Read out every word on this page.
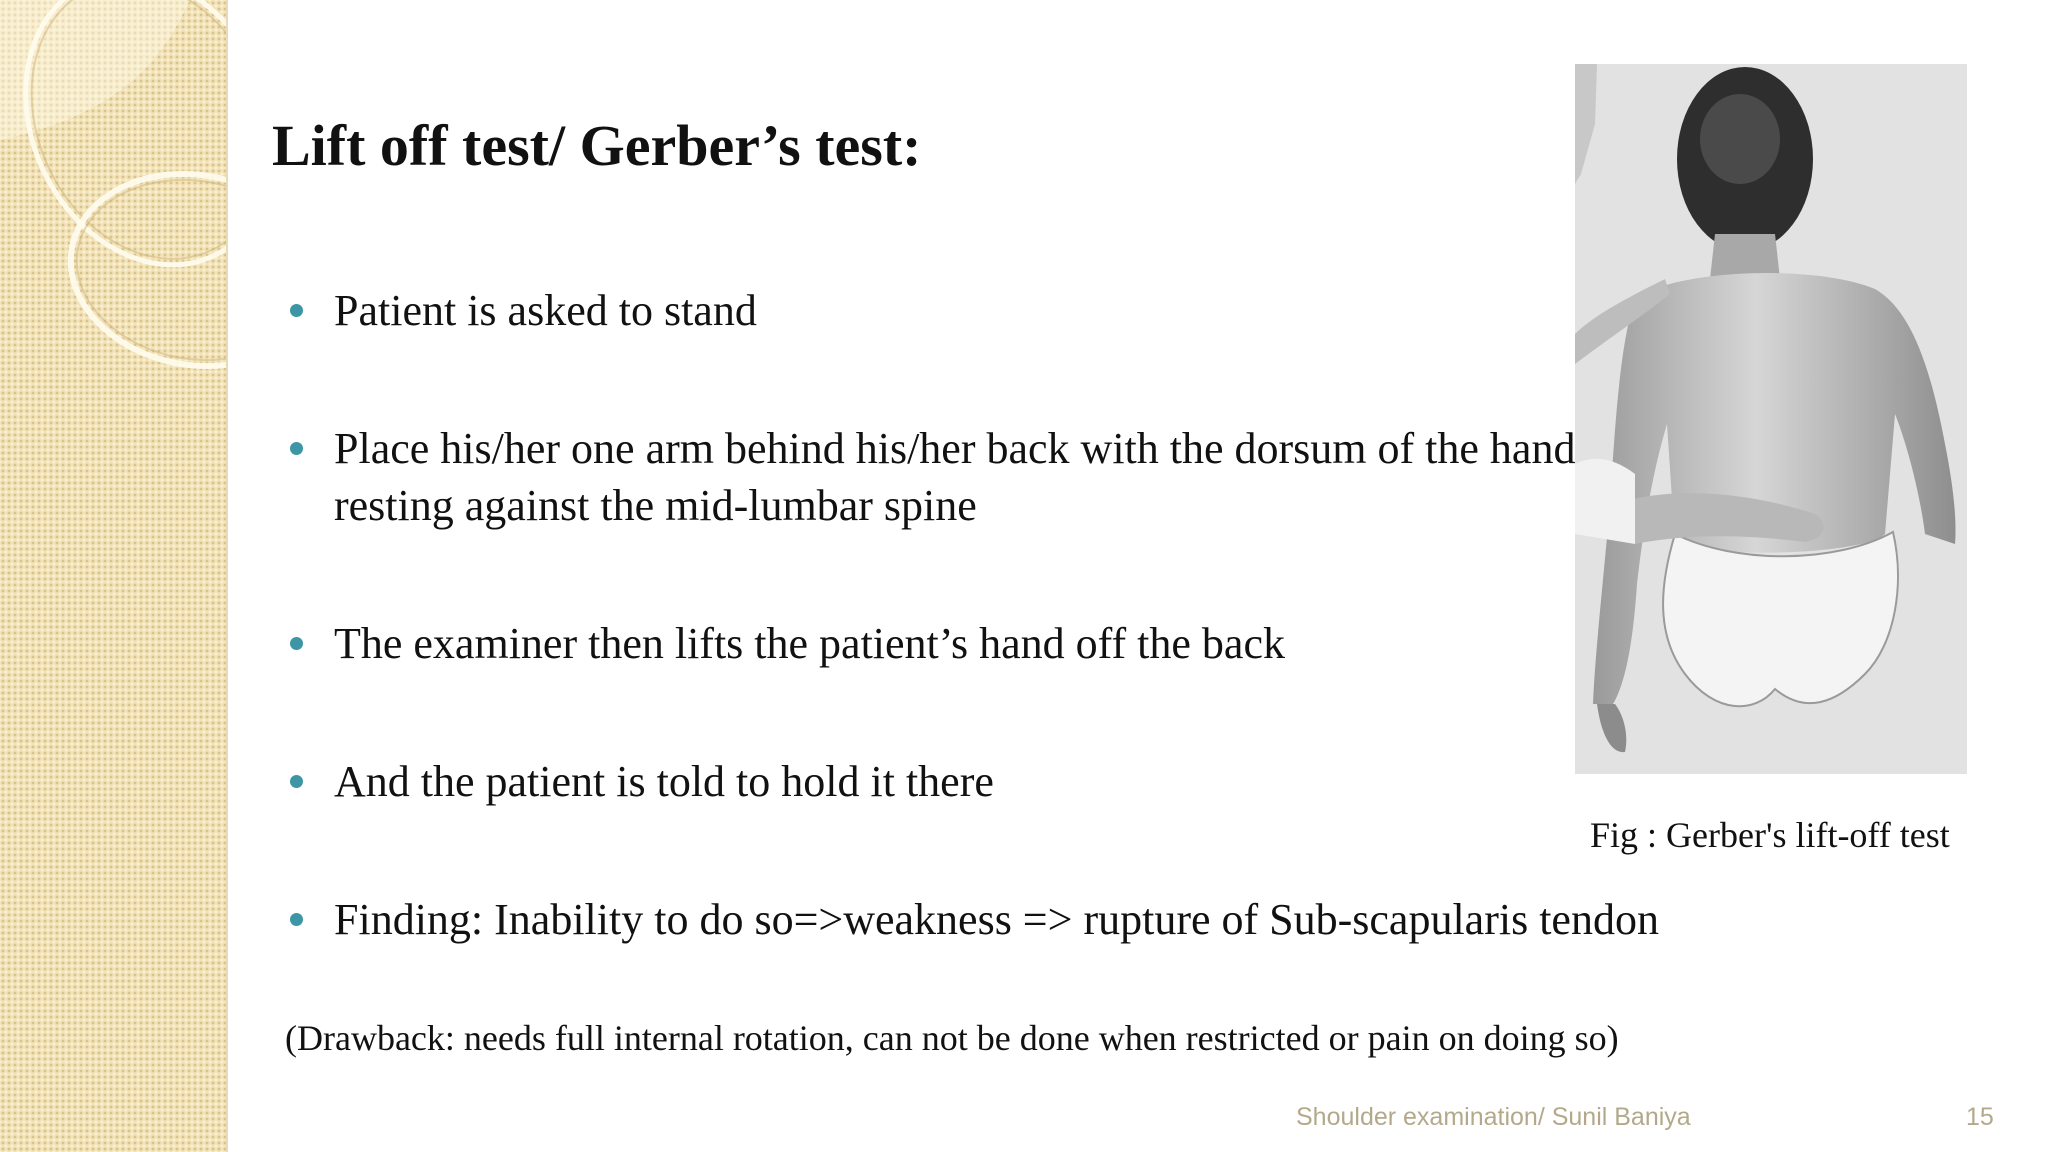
Lift off test/ Gerber’s test:
Patient is asked to stand
Place his/her one arm behind his/her back with the dorsum of the hand resting against the mid-lumbar spine
The examiner then lifts the patient’s hand off the back
And the patient is told to hold it there
Finding: Inability to do so=>weakness => rupture of Sub-scapularis tendon

(Drawback: needs full internal rotation, can not be done when restricted or pain on doing so)

Fig : Gerber's lift-off test

Shoulder examination/ Sunil Baniya	15
